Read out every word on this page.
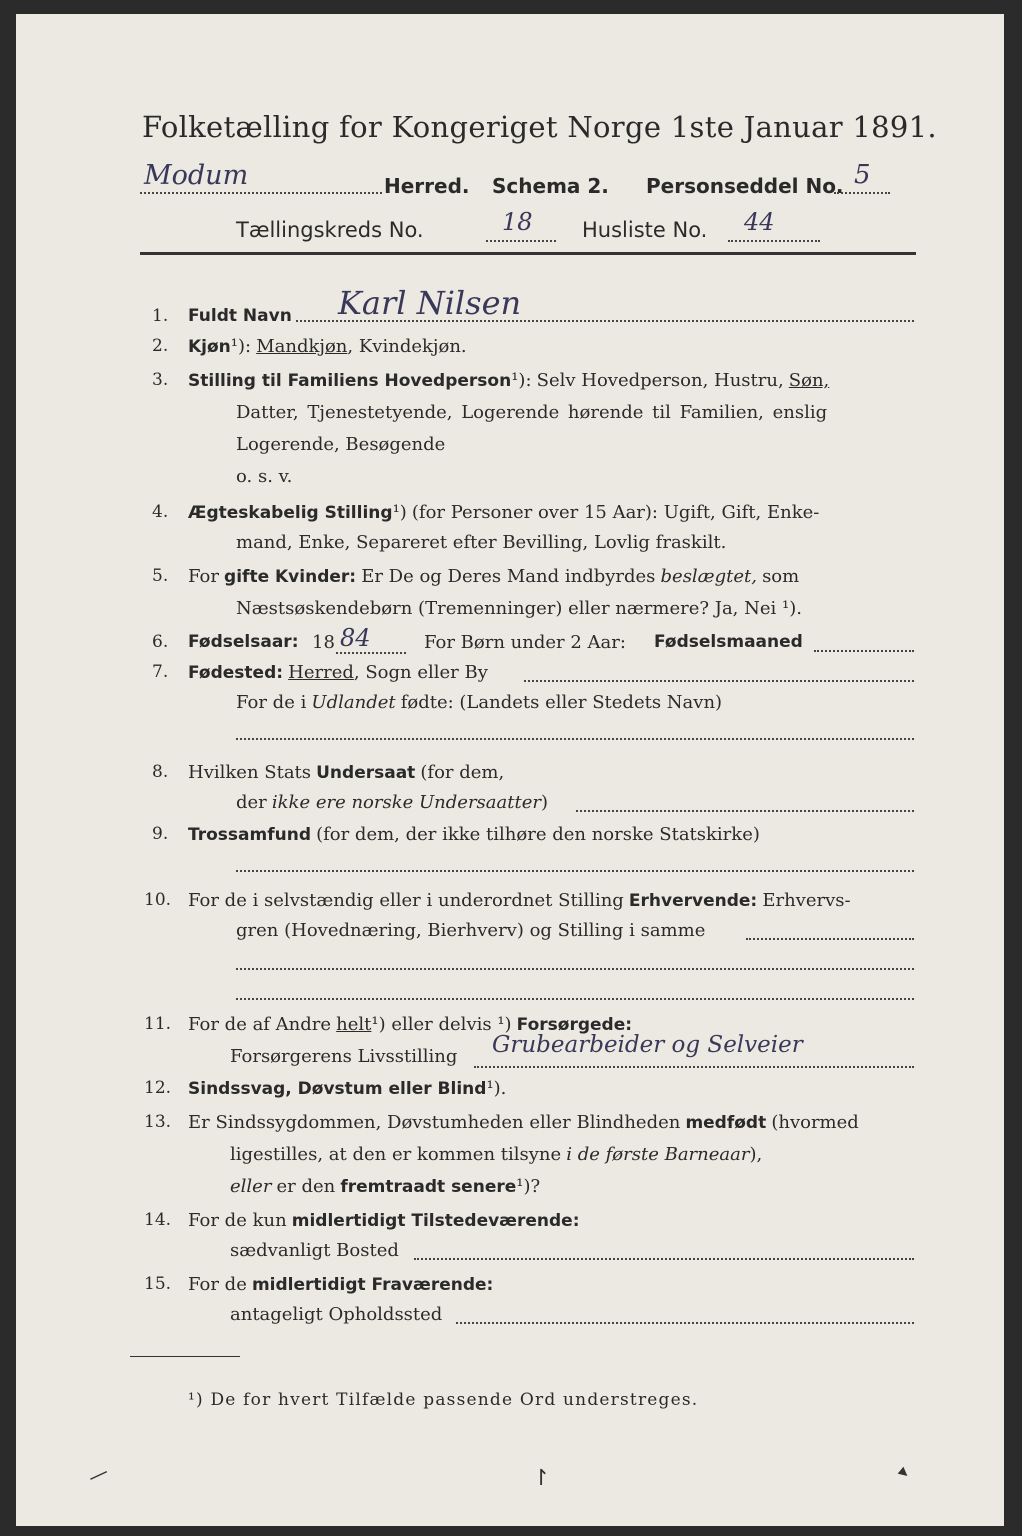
Folketælling for Kongeriget Norge 1ste Januar 1891.
Modum	Herred. Schema 2. Personseddel No. 5
Tællingskreds No.	18 Husliste No. 44
1. Fuldt Navn Karl Nilsen
2. Kjøn¹): Mandkjøn, Kvindekjøn.
3. Stilling til Familiens Hovedperson¹): Selv Hovedperson, Hustru, Søn,
Datter, Tjenestetyende, Logerende hørende til Familien, enslig
Logerende, Besøgende
o. s. v.
4. Ægteskabelig Stilling¹) (for Personer over 15 Aar): Ugift, Gift, Enke-
mand, Enke, Separeret efter Bevilling, Lovlig fraskilt.
5. For gifte Kvinder: Er De og Deres Mand indbyrdes beslægtet, som
Næstsøskendebørn (Tremenninger) eller nærmere? Ja, Nei ¹).
6. Fødselsaar: 18 84	For Børn under 2 Aar: Fødselsmaaned
7. Fødested: Herred, Sogn eller By
For de i Udlandet fødte: (Landets eller Stedets Navn)
8. Hvilken Stats Undersaat (for dem,
der ikke ere norske Undersaatter)
9. Trossamfund (for dem, der ikke tilhøre den norske Statskirke)
10. For de i selvstændig eller i underordnet Stilling Erhvervende: Erhvervs-
gren (Hovednæring, Bierhverv) og Stilling i samme
11. For de af Andre helt¹) eller delvis ¹) Forsørgede:
Forsørgerens Livsstilling Grubearbeider og Selveier
12. Sindssvag, Døvstum eller Blind¹).
13. Er Sindssygdommen, Døvstumheden eller Blindheden medfødt (hvormed
ligestilles, at den er kommen tilsyne i de første Barneaar),
eller er den fremtraadt senere¹)?
14. For de kun midlertidigt Tilstedeværende:
sædvanligt Bosted
15. For de midlertidigt Fraværende:
antageligt Opholdssted
¹) De for hvert Tilfælde passende Ord understreges.
—	↾	▸
